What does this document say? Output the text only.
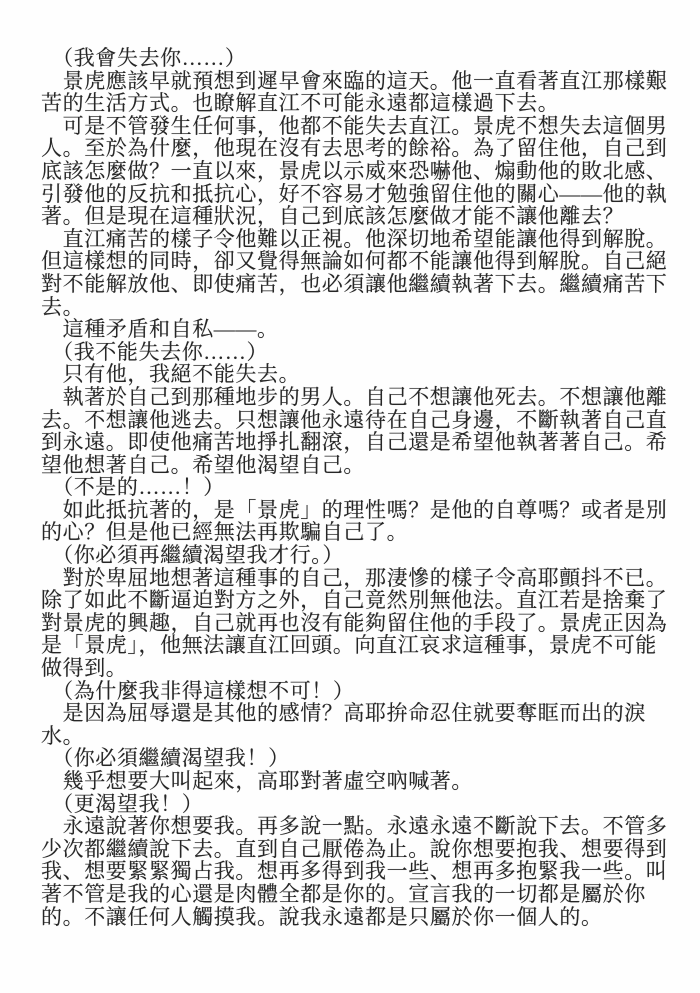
　（我會失去你……）
　景虎應該早就預想到遲早會來臨的這天。他一直看著直江那樣艱
苦的生活方式。也瞭解直江不可能永遠都這樣過下去。
　可是不管發生任何事，他都不能失去直江。景虎不想失去這個男
人。至於為什麼，他現在沒有去思考的餘裕。為了留住他，自己到
底該怎麼做？一直以來，景虎以示威來恐嚇他、煽動他的敗北感、
引發他的反抗和抵抗心，好不容易才勉強留住他的關心——他的執
著。但是現在這種狀況，自己到底該怎麼做才能不讓他離去？
　直江痛苦的樣子令他難以正視。他深切地希望能讓他得到解脫。
但這樣想的同時，卻又覺得無論如何都不能讓他得到解脫。自己絕
對不能解放他、即使痛苦，也必須讓他繼續執著下去。繼續痛苦下
去。
　這種矛盾和自私——。
　（我不能失去你……）
　只有他，我絕不能失去。
　執著於自己到那種地步的男人。自己不想讓他死去。不想讓他離
去。不想讓他逃去。只想讓他永遠待在自己身邊，不斷執著自己直
到永遠。即使他痛苦地掙扎翻滾，自己還是希望他執著著自己。希
望他想著自己。希望他渴望自己。
　（不是的……！）
　如此抵抗著的，是「景虎」的理性嗎？是他的自尊嗎？或者是別
的心？但是他已經無法再欺騙自己了。
　（你必須再繼續渴望我才行。）
　對於卑屈地想著這種事的自己，那淒慘的樣子令高耶顫抖不已。
除了如此不斷逼迫對方之外，自己竟然別無他法。直江若是捨棄了
對景虎的興趣，自己就再也沒有能夠留住他的手段了。景虎正因為
是「景虎」，他無法讓直江回頭。向直江哀求這種事，景虎不可能
做得到。
　（為什麼我非得這樣想不可！）
　是因為屈辱還是其他的感情？高耶拚命忍住就要奪眶而出的淚
水。
　（你必須繼續渴望我！）
　幾乎想要大叫起來，高耶對著虛空吶喊著。
　（更渴望我！）
　永遠說著你想要我。再多說一點。永遠永遠不斷說下去。不管多
少次都繼續說下去。直到自己厭倦為止。說你想要抱我、想要得到
我、想要緊緊獨占我。想再多得到我一些、想再多抱緊我一些。叫
著不管是我的心還是肉體全都是你的。宣言我的一切都是屬於你
的。不讓任何人觸摸我。說我永遠都是只屬於你一個人的。
